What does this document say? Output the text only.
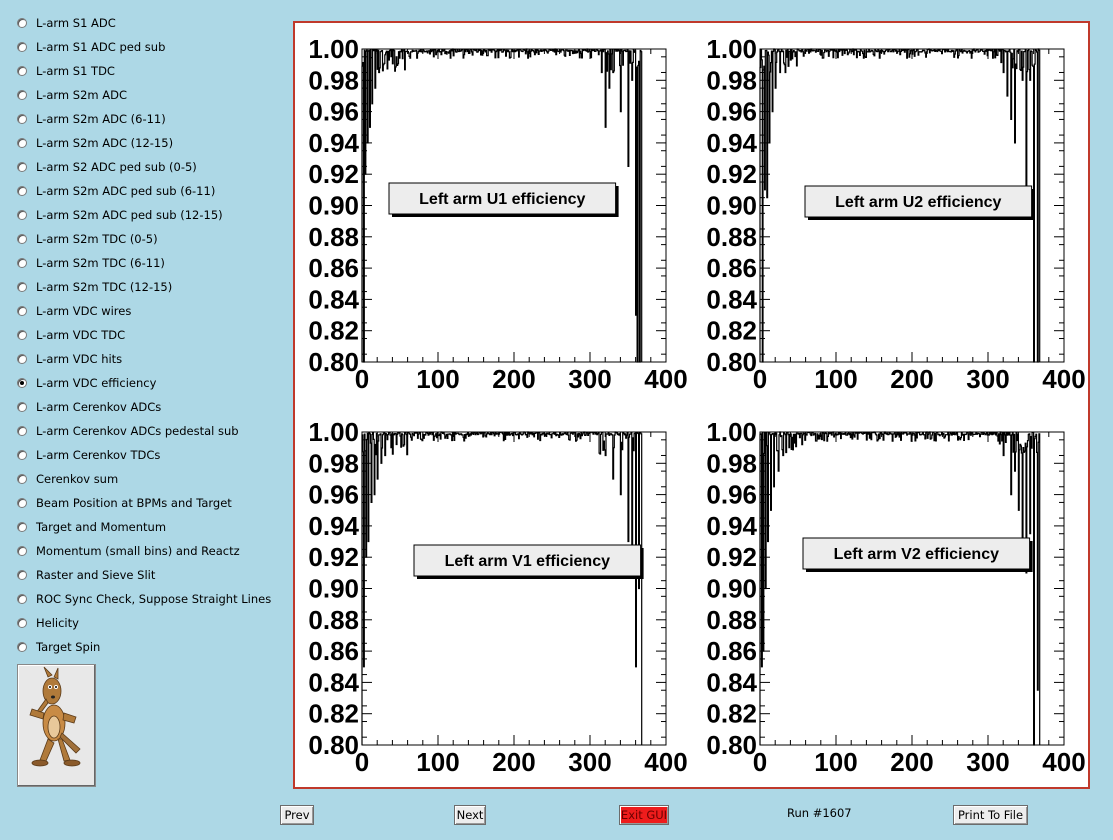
L-arm S1 ADC
L-arm S1 ADC ped sub
L-arm S1 TDC
L-arm S2m ADC
L-arm S2m ADC (6-11)
L-arm S2m ADC (12-15)
L-arm S2 ADC ped sub (0-5)
L-arm S2m ADC ped sub (6-11)
L-arm S2m ADC ped sub (12-15)
L-arm S2m TDC (0-5)
L-arm S2m TDC (6-11)
L-arm S2m TDC (12-15)
L-arm VDC wires
L-arm VDC TDC
L-arm VDC hits
L-arm VDC efficiency
L-arm Cerenkov ADCs
L-arm Cerenkov ADCs pedestal sub
L-arm Cerenkov TDCs
Cerenkov sum
Beam Position at BPMs and Target
Target and Momentum
Momentum (small bins) and Reactz
Raster and Sieve Slit
ROC Sync Check, Suppose Straight Lines
Helicity
Target Spin
0.80
0.82
0.84
0.86
0.88
0.90
0.92
0.94
0.96
0.98
1.00
0 100 200 300 400
Left arm U1 efficiency
0.80
0.82
0.84
0.86
0.88
0.90
0.92
0.94
0.96
0.98
1.00
0 100 200 300 400
Left arm U2 efficiency
0.80
0.82
0.84
0.86
0.88
0.90
0.92
0.94
0.96
0.98
1.00
0 100 200 300 400
Left arm V1 efficiency
0.80
0.82
0.84
0.86
0.88
0.90
0.92
0.94
0.96
0.98
1.00
0 100 200 300 400
Left arm V2 efficiency
Prev	Next	Exit GUI	Run #1607	Print To File
